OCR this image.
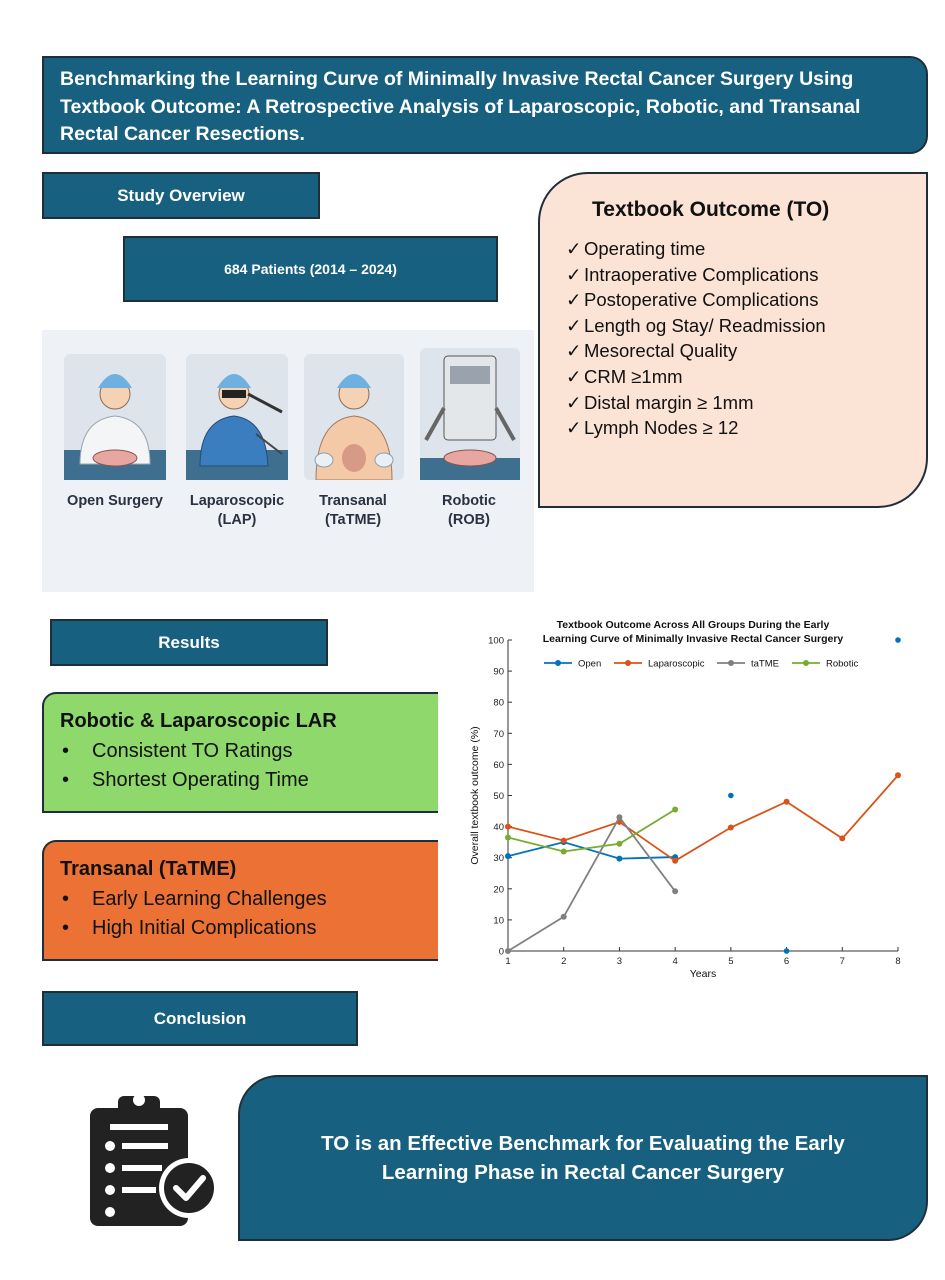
Benchmarking the Learning Curve of Minimally Invasive Rectal Cancer Surgery Using Textbook Outcome: A Retrospective Analysis of Laparoscopic, Robotic, and Transanal Rectal Cancer Resections.
Study Overview
684 Patients (2014 – 2024)
Open Surgery	Laparoscopic
(LAP)
Transanal
(TaTME)
Robotic
(ROB)
Textbook Outcome (TO)
✓ Operating time
✓ Intraoperative Complications
✓ Postoperative Complications
✓ Length og Stay/ Readmission
✓ Mesorectal Quality
✓ CRM ≥1mm
✓ Distal margin ≥ 1mm
✓ Lymph Nodes ≥ 12
Results
Robotic & Laparoscopic LAR
•	Consistent TO Ratings
•	Shortest Operating Time
Transanal (TaTME)
•	Early Learning Challenges
•	High Initial Complications
Textbook Outcome Across All Groups During the Early
Learning Curve of Minimally Invasive Rectal Cancer Surgery
0
10
20
30
40
50
60
70
80
90
100
1	2	3	4	5	6	7	8
Years
Overall textbook outcome (%)
Open	Laparoscopic	taTME	Robotic
Conclusion
TO is an Effective Benchmark for Evaluating the Early Learning Phase in Rectal Cancer Surgery
